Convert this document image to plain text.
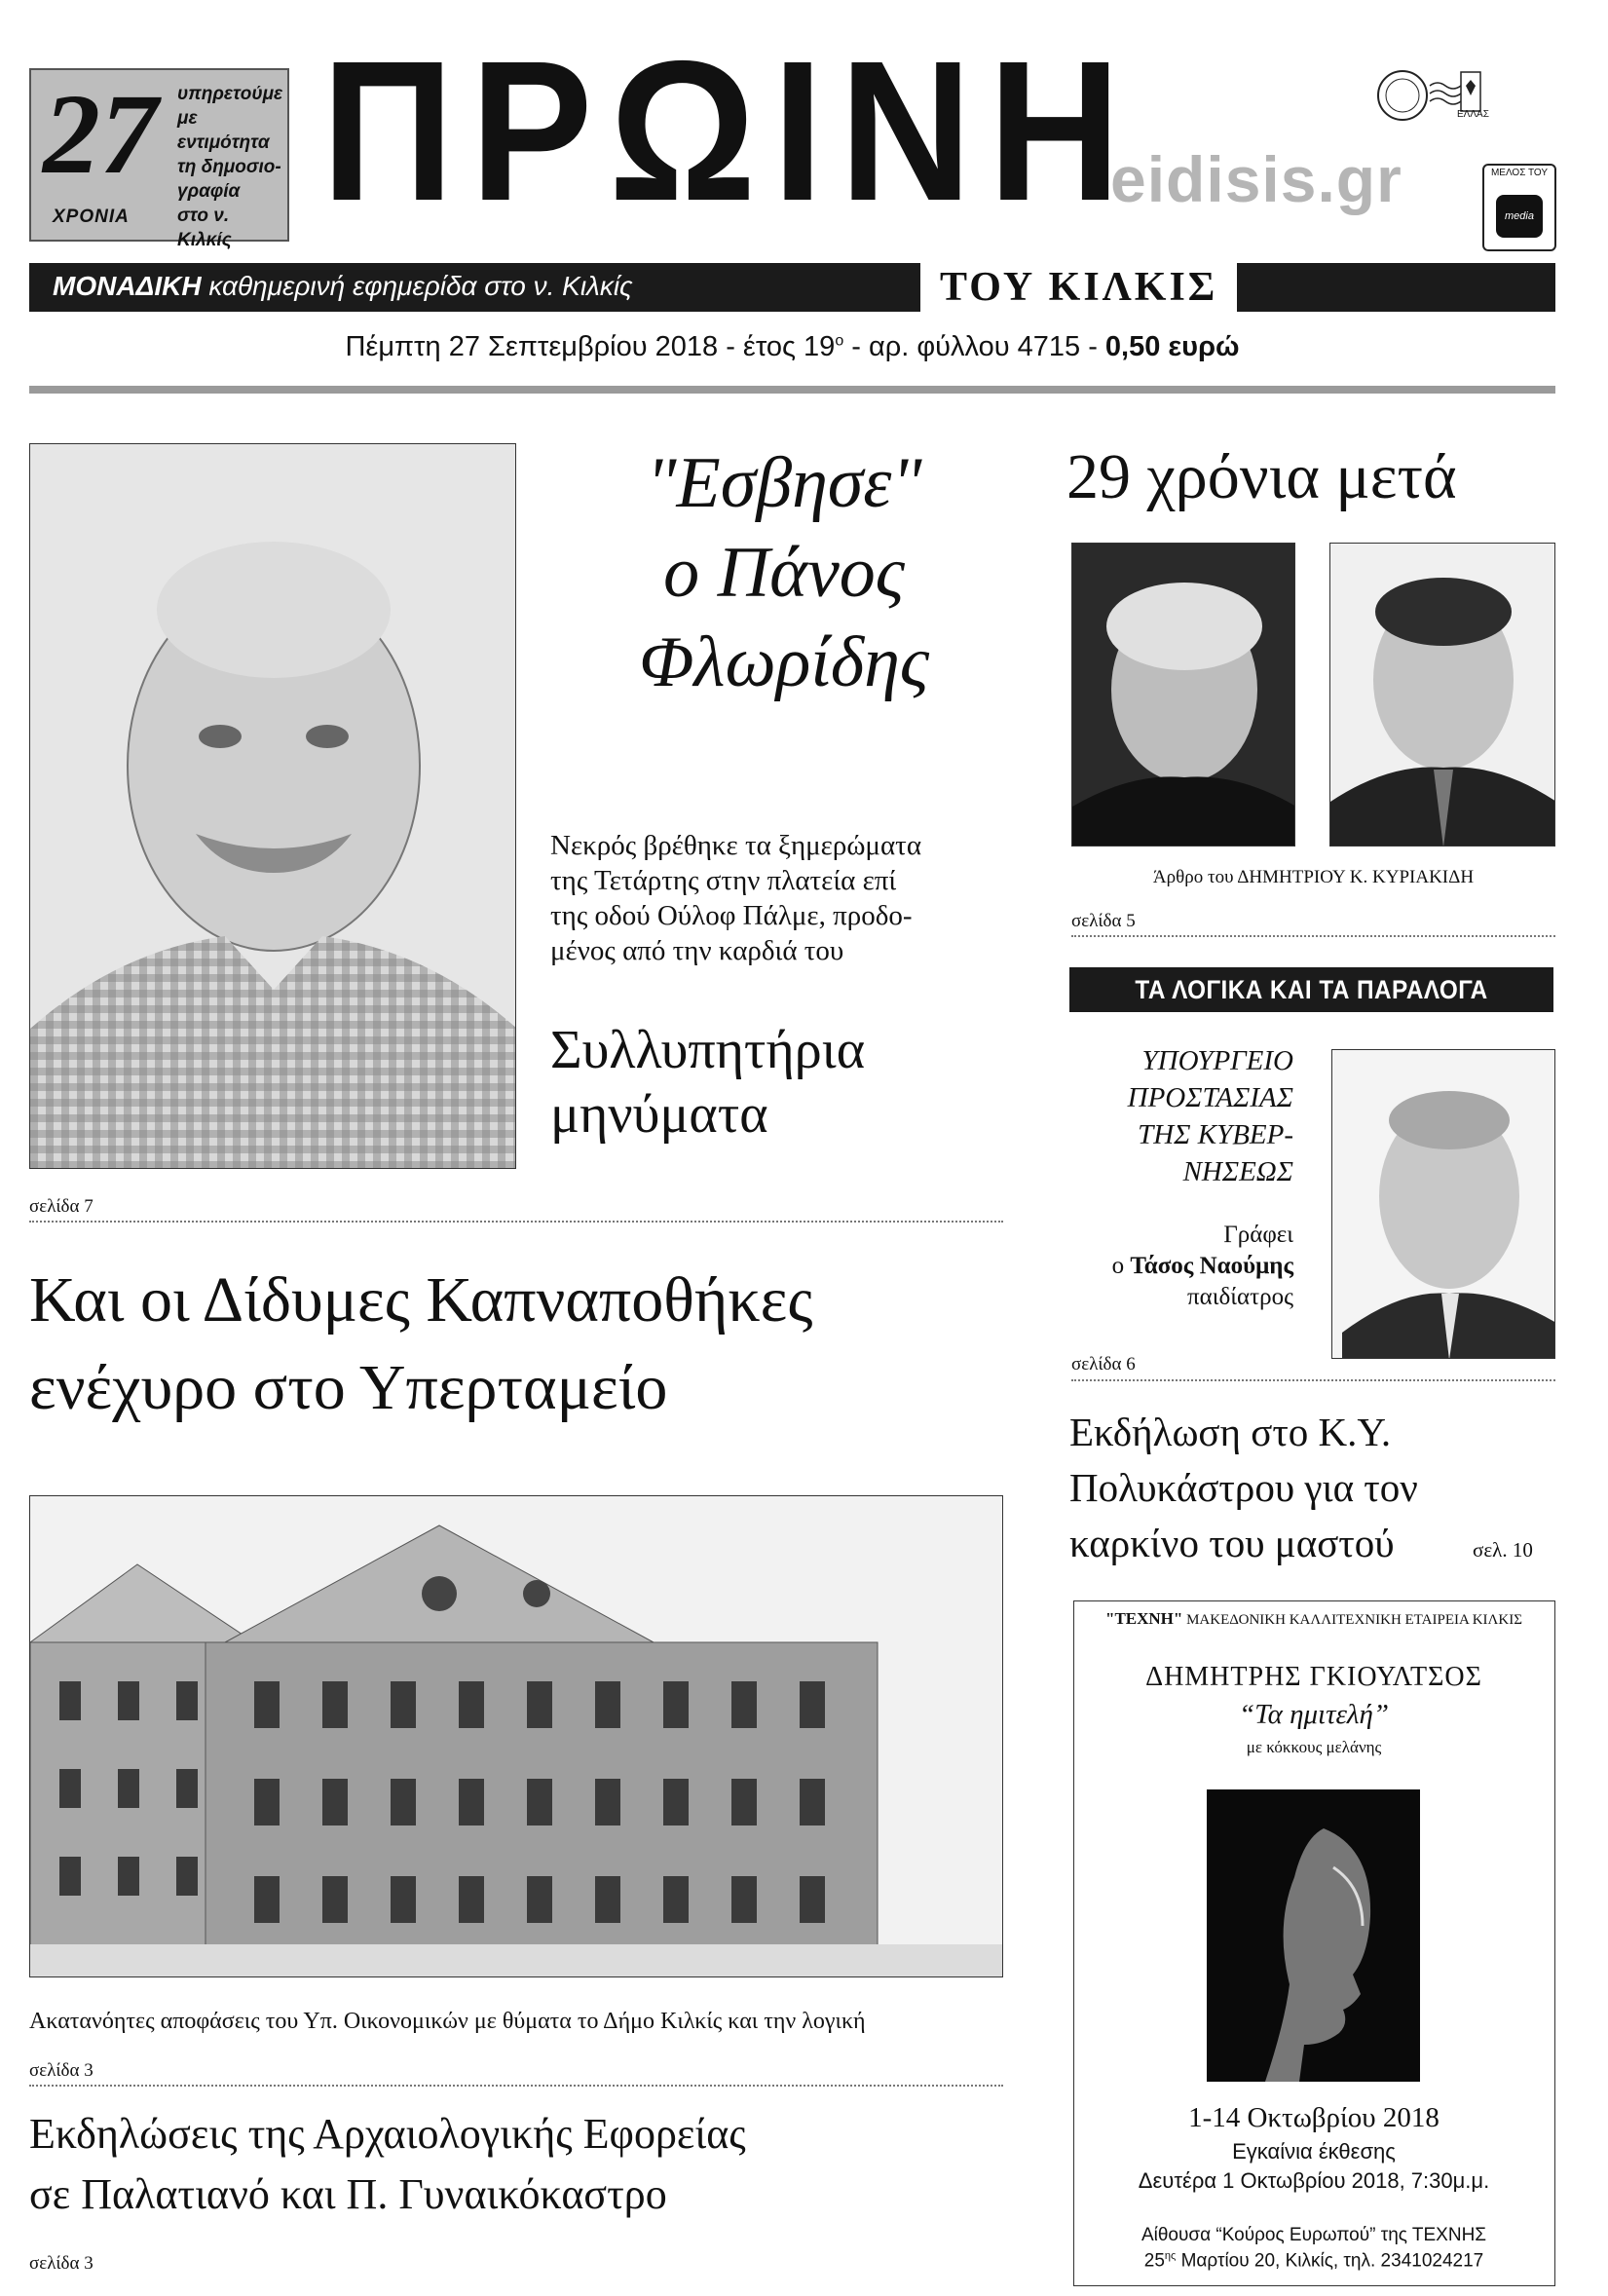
27
ΧΡΟΝΙΑ
υπηρετούμε
με εντιμότητα
τη δημοσιο-
γραφία
στο ν. Κιλκίς ΠΡΩΙΝΗ
eidisis.gr
ΕΛΛΑΣ
ΜΕΛΟΣ ΤΟΥ
media
ΜΟΝΑΔΙΚΗ καθημερινή εφημερίδα στο ν. Κιλκίς	ΤΟΥ ΚΙΛΚΙΣ
Πέμπτη 27 Σεπτεμβρίου 2018 - έτος $19^o$ - αρ. φύλλου 4715 - 0,50 ευρώ
"Εσβησε"
ο Πάνος
Φλωρίδης
Νεκρός βρέθηκε τα ξημερώματα
της Τετάρτης στην πλατεία επί
της οδού Ούλοφ Πάλμε, προδο-
μένος από την καρδιά του
Συλλυπητήρια
μηνύματα
σελίδα 7
Και οι Δίδυμες Καπναποθήκες
ενέχυρο στο Υπερταμείο
Ακατανόητες αποφάσεις του Υπ. Οικονομικών με θύματα το Δήμο Κιλκίς και την λογική
σελίδα 3
Εκδηλώσεις της Αρχαιολογικής Εφορείας
σε Παλατιανό και Π. Γυναικόκαστρο
σελίδα 3
29 χρόνια μετά
Άρθρο του ΔΗΜΗΤΡΙΟΥ Κ. ΚΥΡΙΑΚΙΔΗ
σελίδα 5
ΤΑ ΛΟΓΙΚΑ ΚΑΙ ΤΑ ΠΑΡΑΛΟΓΑ
ΥΠΟΥΡΓΕΙΟ
ΠΡΟΣΤΑΣΙΑΣ
ΤΗΣ ΚΥΒΕΡ-
ΝΗΣΕΩΣ
Γράφει
ο Τάσος Ναούμης
παιδίατρος
σελίδα 6
Εκδήλωση στο Κ.Υ.
Πολυκάστρου για τον
καρκίνο του μαστού	σελ. 10
"ΤΕΧΝΗ" ΜΑΚΕΔΟΝΙΚΗ ΚΑΛΛΙΤΕΧΝΙΚΗ ΕΤΑΙΡΕΙΑ ΚΙΛΚΙΣ
ΔΗΜΗΤΡΗΣ ΓΚΙΟΥΛΤΣΟΣ
“Τα ημιτελή”
με κόκκους μελάνης
1-14 Οκτωβρίου 2018
Εγκαίνια έκθεσης
Δευτέρα 1 Οκτωβρίου 2018, 7:30μ.μ.
Αίθουσα “Κούρος Ευρωπού” της ΤΕΧΝΗΣ
$25^{\eta\varsigma}$ Μαρτίου 20, Κιλκίς, τηλ. 2341024217
